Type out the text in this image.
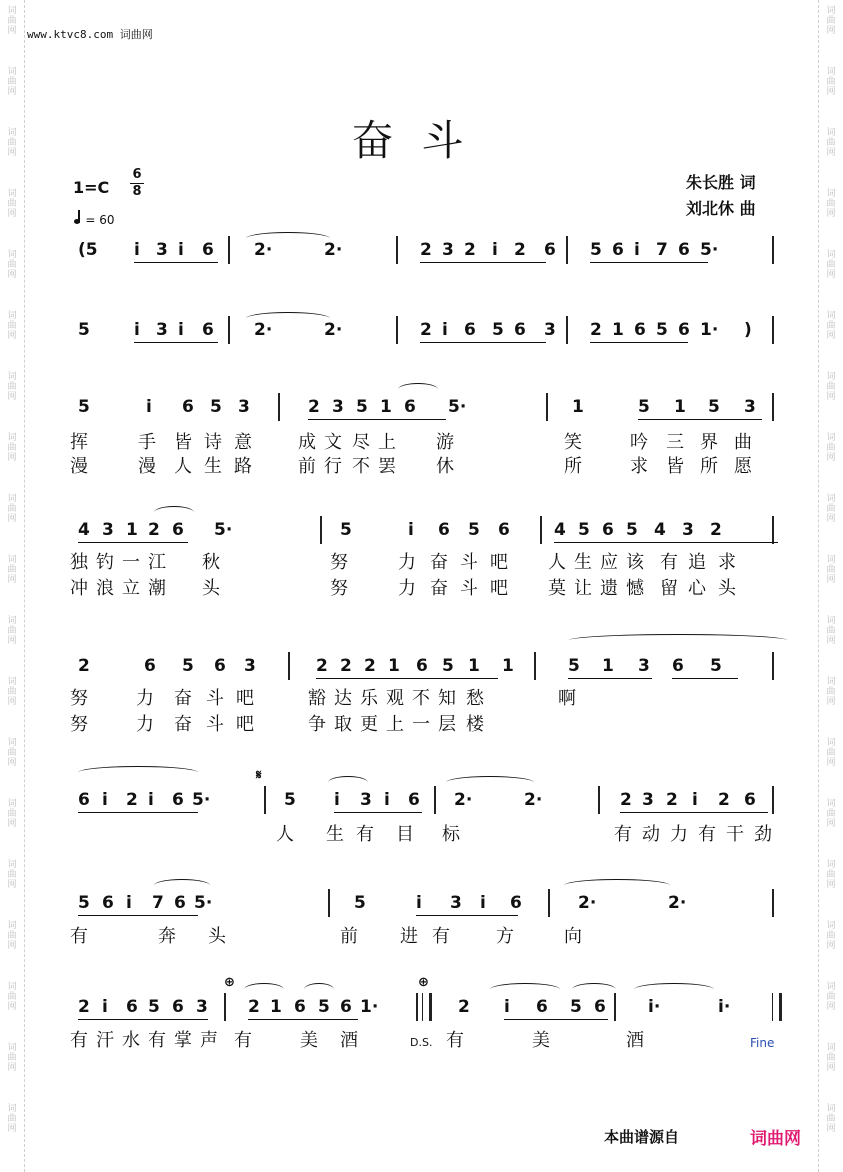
词
曲
网
词
曲
网
词
曲
网
词
曲
网
词
曲
网
词
曲
网
词
曲
网
词
曲
网
词
曲
网
词
曲
网
词
曲
网
词
曲
网
词
曲
网
词
曲
网
词
曲
网
词
曲
网
词
曲
网
词
曲
网
词
曲
网
词
曲
网
词
曲
网
词
曲
网
词
曲
网
词
曲
网
词
曲
网
词
曲
网
词
曲
网
词
曲
网
词
曲
网
词
曲
网
词
曲
网
词
曲
网
词
曲
网
词
曲
网
词
曲
网
词
曲
网
词
曲
网
词
曲
网
www.ktvc8.com 词曲网
奋斗
1=C
6
8
= 60
朱长胜 词
刘北休 曲
(5 i 3 i 6 2·	2·	2 3 2 i 2 6 5 6 i 7 6 5·
5	i 3 i 6 2·	2·	2 i 6 5 6 3 2 1 6 5 6 1· )
5	i 6 5 3	2 3 5 1 6 5·	1	5 1 5 3
4 3 1 2 6 5·	5	i 6 5 6	4 5 6 5 4 3 2
2	6 5 6 3	2 2 2 1 6 5 1 1	5 1 3 6 5
6 i 2 i 6 5·	5 i 3 i 6 2·	2·	2 3 2 i 2 6
𝄋
5 6 i 7 6 5·	5	i 3 i 6	2·	2·
2 i 6 5 6 3 2 1 6 5 6 1·	2 i 6 5 6 i·	i·
⊕	⊕
D.S.	Fine
本曲谱源自	词曲网
挥	手 皆 诗 意	成 文 尽 上 游	笑	吟 三 界 曲
漫	漫 人 生 路	前 行 不 罢 休	所	求 皆 所 愿
独 钓 一 江 秋	努	力 奋 斗 吧 人 生 应 该 有 追 求
冲 浪 立 潮 头	努	力 奋 斗 吧 莫 让 遗 憾 留 心 头
努	力 奋 斗 吧	豁 达 乐 观 不 知 愁	啊
努	力 奋 斗 吧	争 取 更 上 一 层 楼
人 生 有 目 标	有 动 力 有 干 劲
有	奔 头	前 进 有	方	向
有 汗 水 有 掌 声 有	美 酒	有	美	酒
